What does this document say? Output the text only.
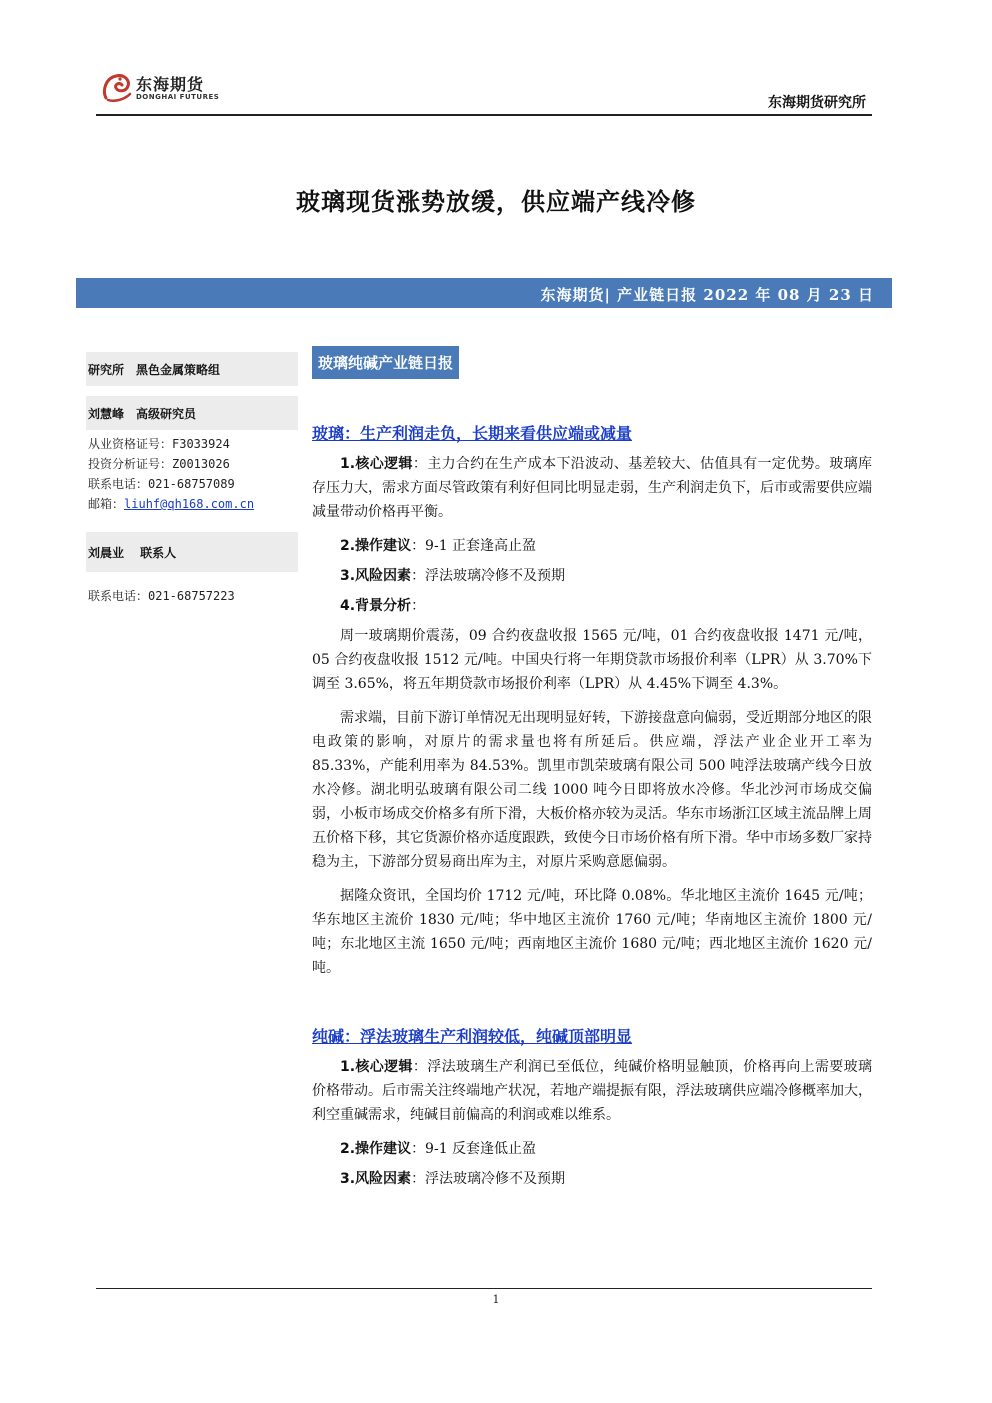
东海期货
DONGHAI FUTURES	东海期货研究所
玻璃现货涨势放缓，供应端产线冷修
东海期货| 产业链日报 2022 年 08 月 23 日
研究所　黑色金属策略组
刘慧峰　高级研究员
从业资格证号：F3033924
投资分析证号：Z0013026
联系电话：021-68757089
邮箱：liuhf@qh168.com.cn
刘晨业　 联系人
联系电话：021-68757223
玻璃纯碱产业链日报
玻璃：生产利润走负，长期来看供应端或减量
1.核心逻辑：主力合约在生产成本下沿波动、基差较大、估值具有一定优势。玻璃库存压力大，需求方面尽管政策有利好但同比明显走弱，生产利润走负下，后市或需要供应端减量带动价格再平衡。
2.操作建议：9-1 正套逢高止盈
3.风险因素：浮法玻璃冷修不及预期
4.背景分析：
周一玻璃期价震荡，09 合约夜盘收报 1565 元/吨，01 合约夜盘收报 1471 元/吨，05 合约夜盘收报 1512 元/吨。中国央行将一年期贷款市场报价利率（LPR）从 3.70%下调至 3.65%，将五年期贷款市场报价利率（LPR）从 4.45%下调至 4.3%。
需求端，目前下游订单情况无出现明显好转，下游接盘意向偏弱，受近期部分地区的限电政策的影响，对原片的需求量也将有所延后。供应端，浮法产业企业开工率为 85.33%，产能利用率为 84.53%。凯里市凯荣玻璃有限公司 500 吨浮法玻璃产线今日放水冷修。湖北明弘玻璃有限公司二线 1000 吨今日即将放水冷修。华北沙河市场成交偏弱，小板市场成交价格多有所下滑，大板价格亦较为灵活。华东市场浙江区域主流品牌上周五价格下移，其它货源价格亦适度跟跌，致使今日市场价格有所下滑。华中市场多数厂家持稳为主，下游部分贸易商出库为主，对原片采购意愿偏弱。
据隆众资讯，全国均价 1712 元/吨，环比降 0.08%。华北地区主流价 1645 元/吨；华东地区主流价 1830 元/吨；华中地区主流价 1760 元/吨；华南地区主流价 1800 元/吨；东北地区主流 1650 元/吨；西南地区主流价 1680 元/吨；西北地区主流价 1620 元/吨。
纯碱：浮法玻璃生产利润较低，纯碱顶部明显
1.核心逻辑：浮法玻璃生产利润已至低位，纯碱价格明显触顶，价格再向上需要玻璃价格带动。后市需关注终端地产状况，若地产端提振有限，浮法玻璃供应端冷修概率加大，利空重碱需求，纯碱目前偏高的利润或难以维系。
2.操作建议：9-1 反套逢低止盈
3.风险因素：浮法玻璃冷修不及预期
1
